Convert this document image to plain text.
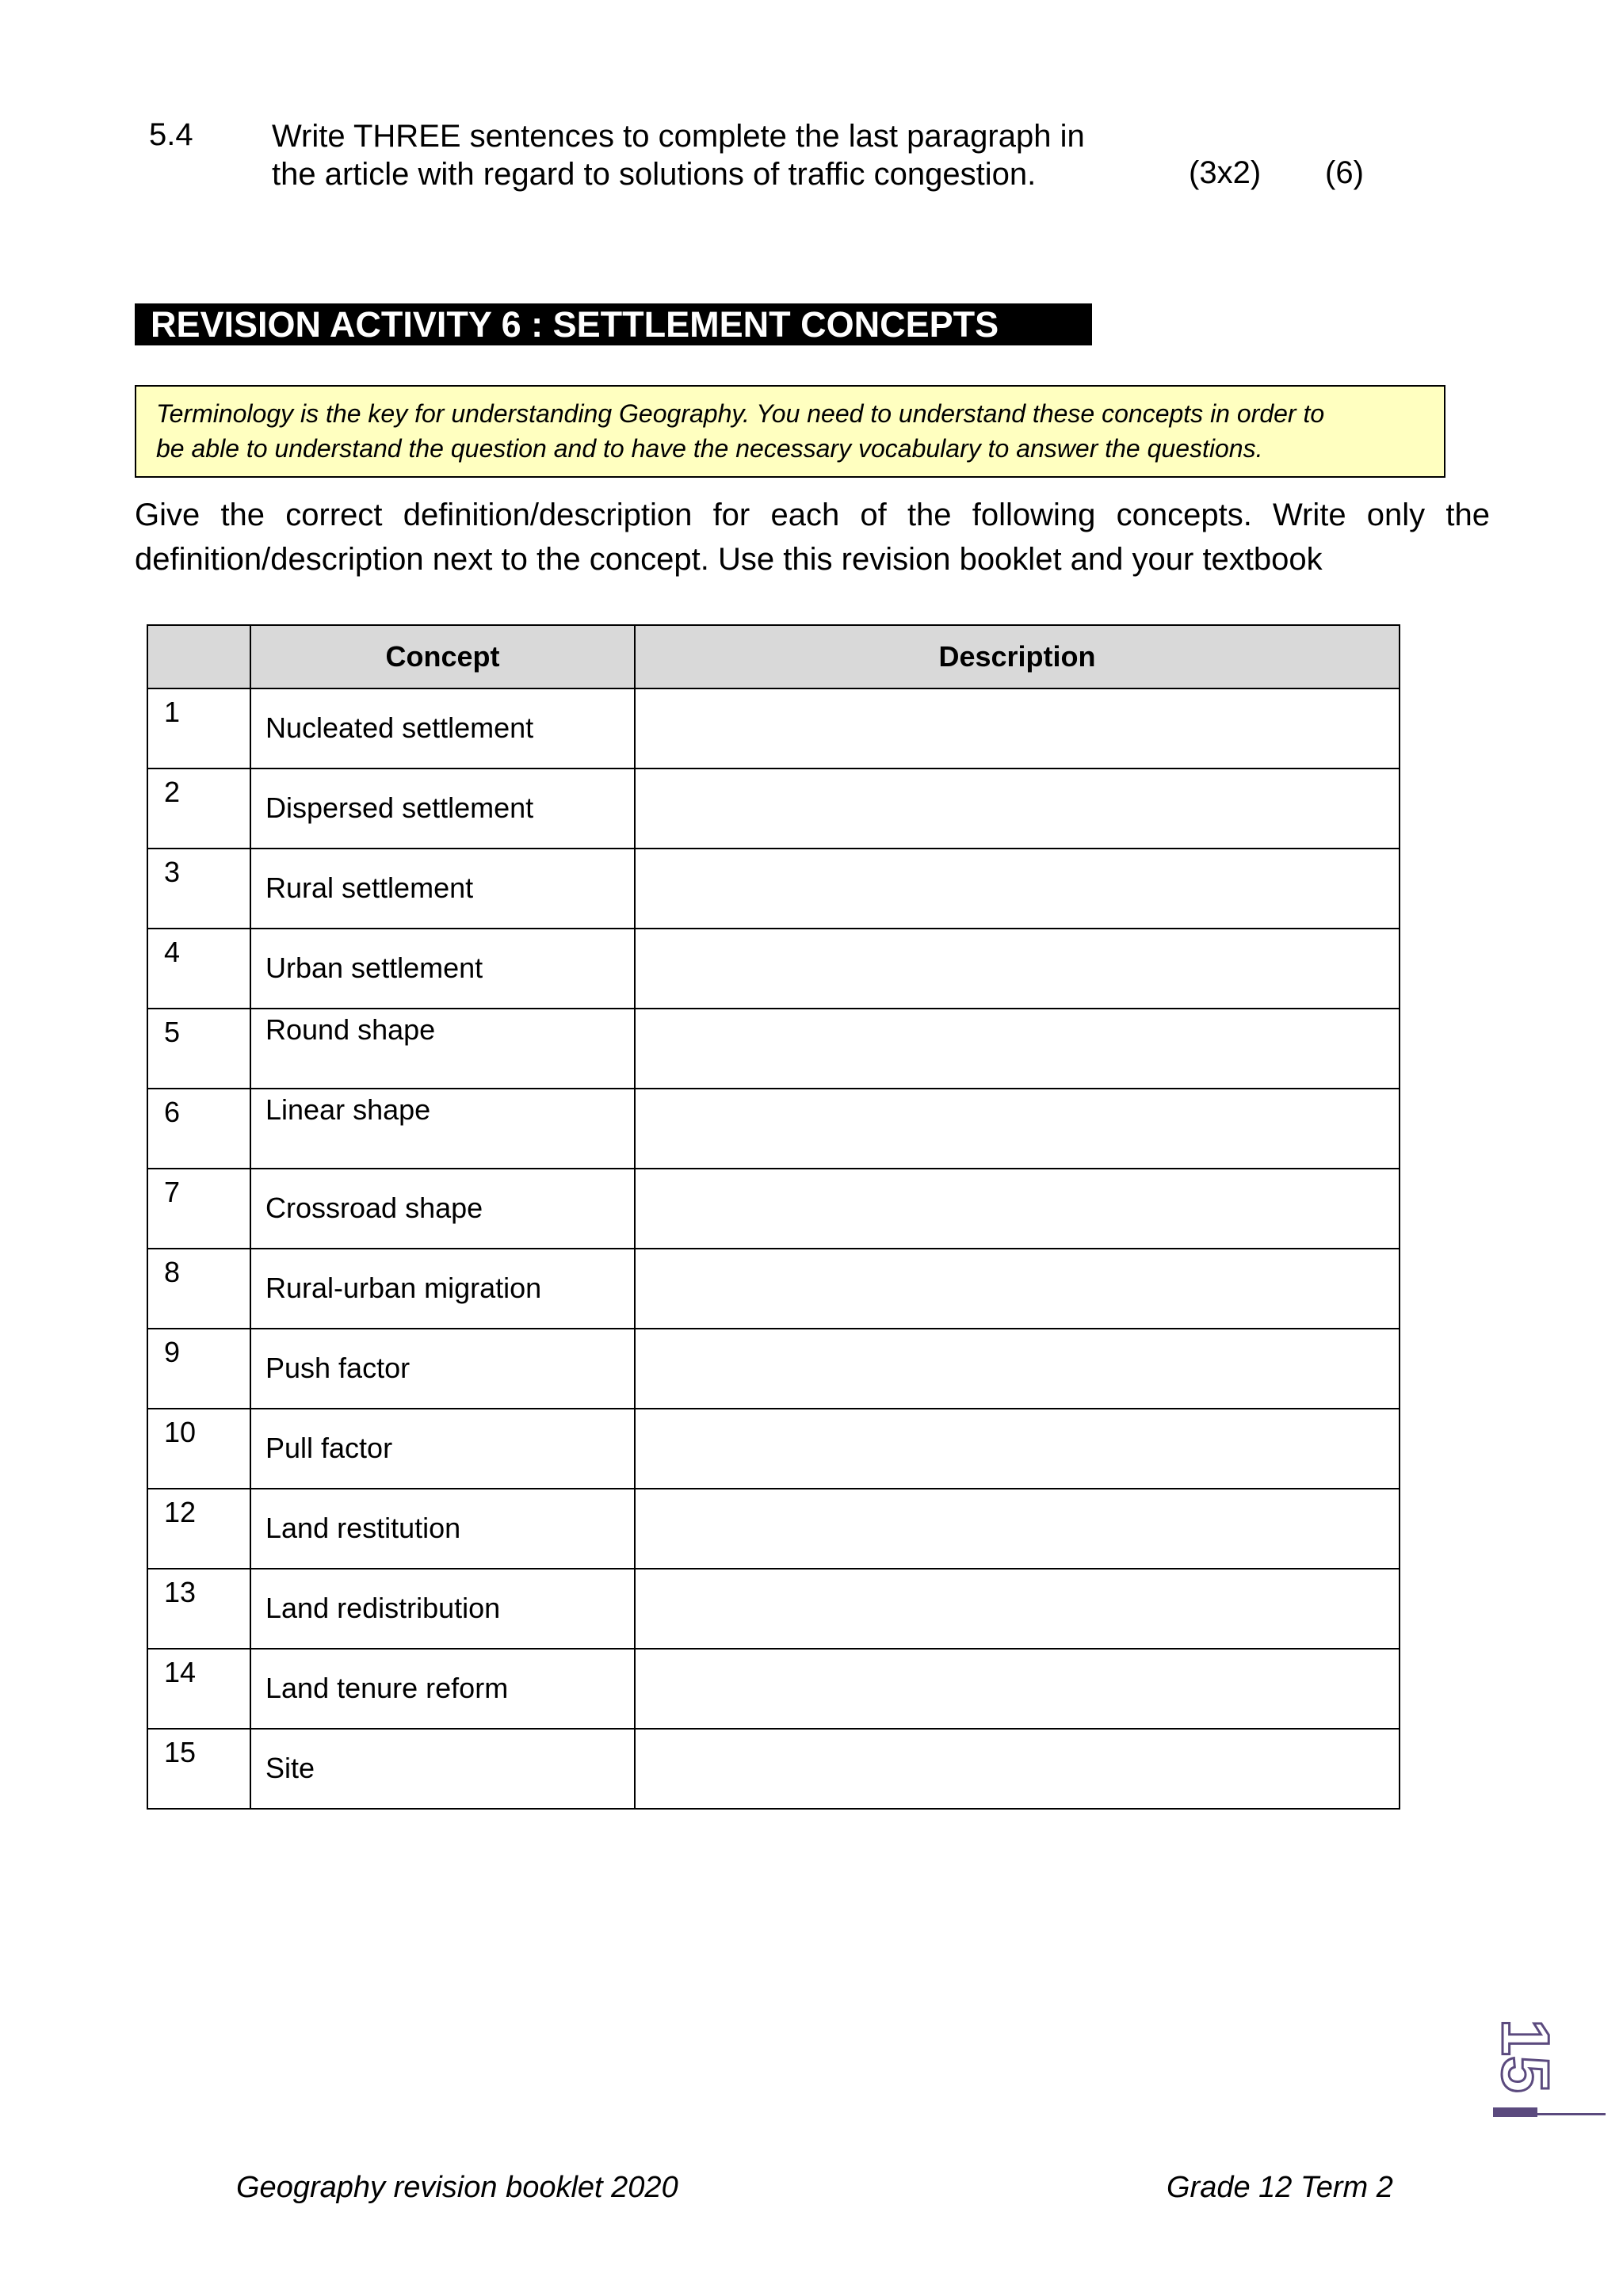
5.4 Write THREE sentences to complete the last paragraph in
the article with regard to solutions of traffic congestion.	(3x2) (6)
REVISION ACTIVITY 6 : SETTLEMENT CONCEPTS
Terminology is the key for understanding Geography. You need to understand these concepts in order to
be able to understand the question and to have the necessary vocabulary to answer the questions.
Give the correct definition/description for each of the following concepts. Write only the definition/description next to the concept. Use this revision booklet and your textbook
	Concept	Description
1	Nucleated settlement	

2	Dispersed settlement	

3	Rural settlement	

4	Urban settlement	

5	Round shape	

6	Linear shape	

7	Crossroad shape	

8	Rural-urban migration	

9	Push factor	

10	Pull factor	

12	Land restitution	

13	Land redistribution	

14	Land tenure reform	

15	Site	

15
Geography revision booklet 2020	Grade 12 Term 2
